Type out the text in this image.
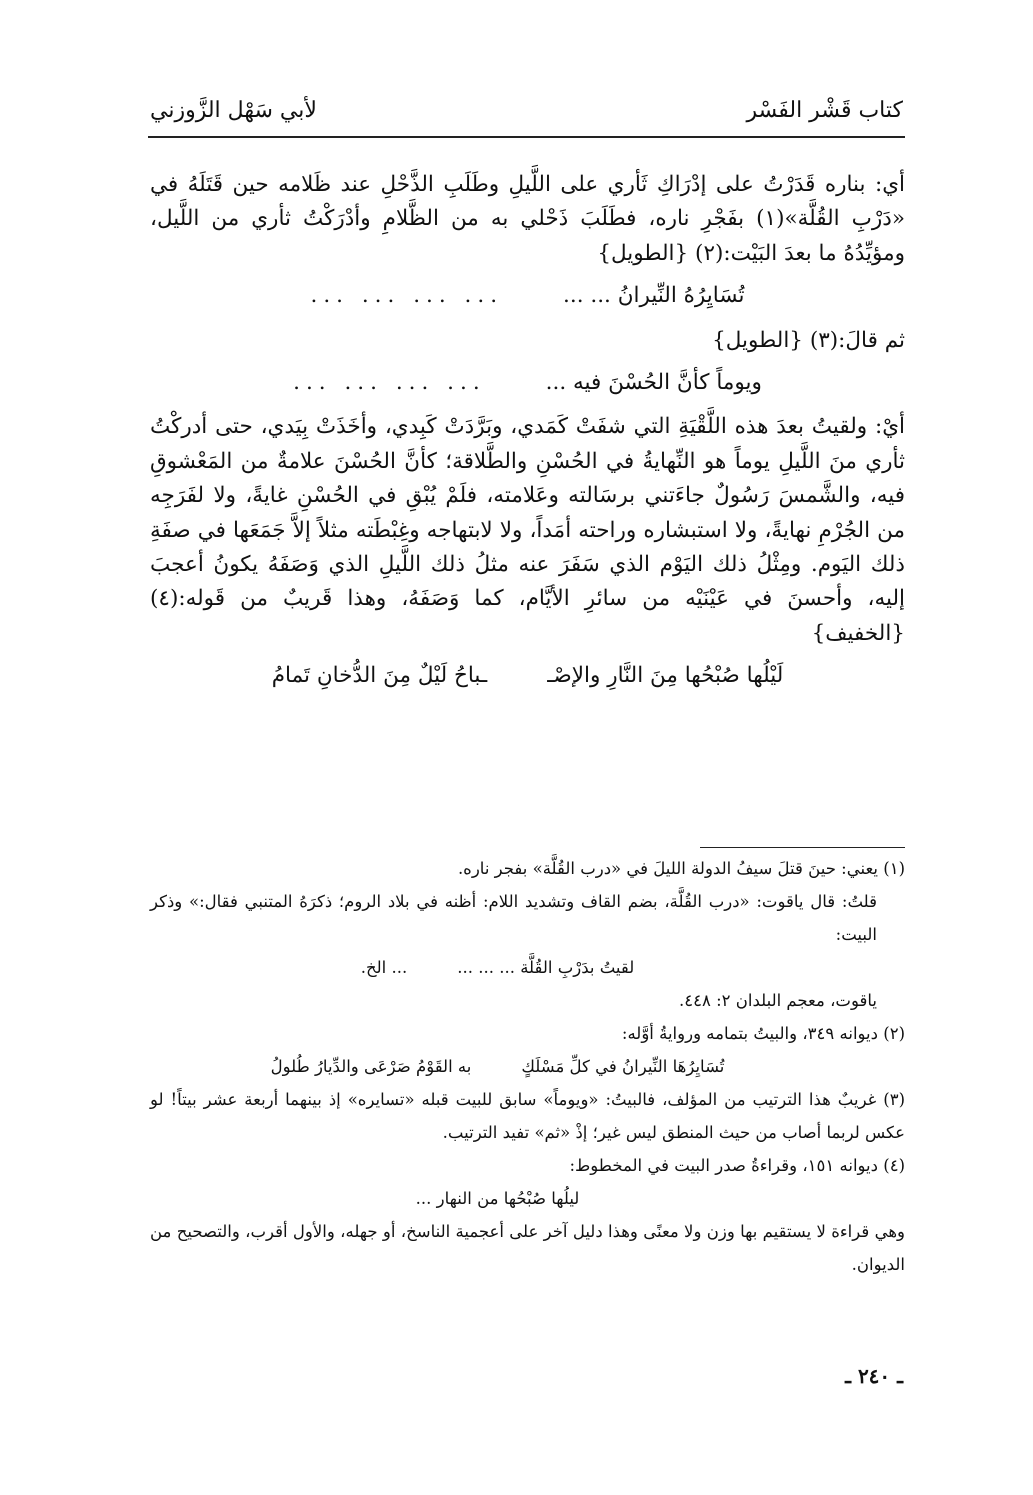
كتاب قَشْر الفَسْر
لأبي سَهْل الزَّوزني

أي: بناره قَدَرْتُ على إدْرَاكِ ثَأري على اللَّيلِ وطَلَبِ الذَّحْلِ عند ظَلامه حين قَتَلَهُ في «دَرْبِ القُلَّة»(١) بفَجْرِ ناره، فطَلَبَ ذَحْلي به من الظَّلامِ وأدْرَكْتُ ثأري من اللَّيل، ومؤيِّدُهُ ما بعدَ البَيْت:(٢) {الطويل}

تُسَايِرُهُ النِّيرانُ ... ...
... ... ... ...

ثم قالَ:(٣) {الطويل}

ويوماً كأنَّ الحُسْنَ فيه ...
... ... ... ...

أيْ: ولقيتُ بعدَ هذه اللَّقْيَةِ التي شفَتْ كَمَدي، وبَرَّدَتْ كَبِدي، وأخَذَتْ بِيَدي، حتى أدركْتُ ثأري منَ اللَّيلِ يوماً هو النِّهايةُ في الحُسْنِ والطَّلاقة؛ كأنَّ الحُسْنَ علامةٌ من المَعْشوقِ فيه، والشَّمسَ رَسُولٌ جاءَتني برسَالته وعَلامته، فلَمْ يُبْقِ في الحُسْنِ غايةً، ولا لفَرَجِه من الجُرْمِ نهايةً، ولا استبشاره وراحته أمَداً، ولا لابتهاجه وغِبْطَته مثلاً إلاَّ جَمَعَها في صفَةِ ذلك اليَوم. ومِثْلُ ذلك اليَوْم الذي سَفَرَ عنه مثلُ ذلك اللَّيلِ الذي وَصَفَهُ يكونُ أعجبَ إليه، وأحسنَ في عَيْنَيْه من سائرِ الأيَّام، كما وَصَفَهُ، وهذا قَريبٌ من قَوله:(٤) {الخفيف}

لَيْلُها صُبْحُها مِنَ النَّارِ والإصْـ
ـباحُ لَيْلٌ مِنَ الدُّخانِ تَمامُ

(١) يعني: حينَ قتلَ سيفُ الدولة الليلَ في «درب القُلَّة» بفجر ناره.

قلتُ: قال ياقوت: «درب القُلَّة، بضم القاف وتشديد اللام: أظنه في بلاد الروم؛ ذكرَهُ المتنبي فقال:» وذكر البيت:

لقيتُ بدَرْبِ القُلَّة ... ... ...
... الخ.

ياقوت، معجم البلدان ٢: ٤٤٨.

(٢) ديوانه ٣٤٩، والبيتُ بتمامه وروايةُ أوَّله:

تُسَايِرُهَا النِّيرانُ في كلِّ مَسْلَكٍ
به القَوْمُ صَرْعَى والدِّيارُ طُلولُ

(٣) غريبٌ هذا الترتيب من المؤلف، فالبيتُ: «ويوماً» سابق للبيت قبله «تسايره» إذ بينهما أربعة عشر بيتاً! لو عكس لربما أصاب من حيث المنطق ليس غير؛ إذْ «ثم» تفيد الترتيب.

(٤) ديوانه ١٥١، وقراءةُ صدر البيت في المخطوط:

ليلُها صُبْحُها من النهار ...

وهي قراءة لا يستقيم بها وزن ولا معنًى وهذا دليل آخر على أعجمية الناسخ، أو جهله، والأول أقرب، والتصحيح من الديوان.

ـ ٢٤٠ ـ
